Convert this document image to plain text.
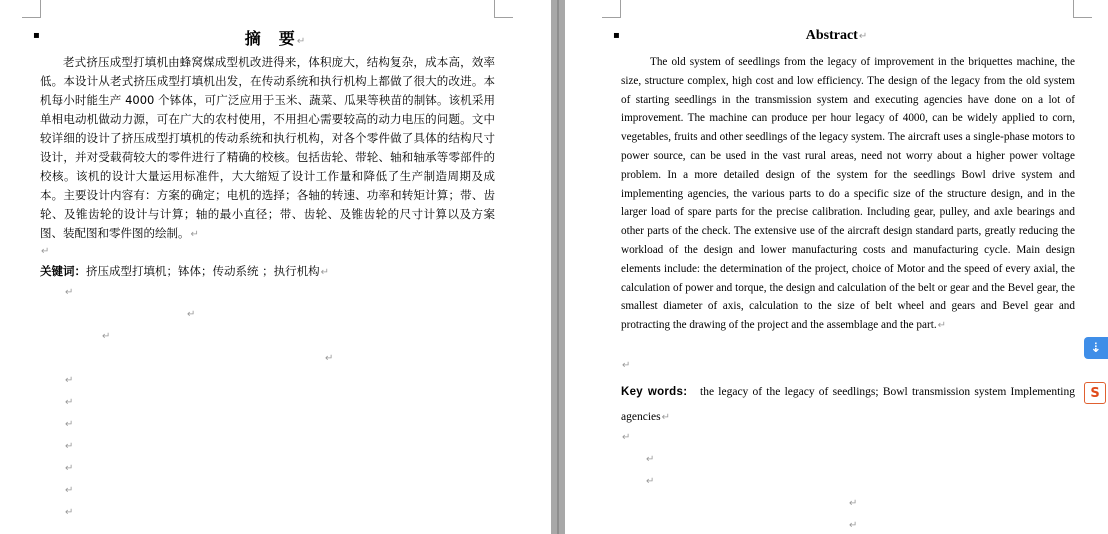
▪	摘　要↵
老式挤压成型打填机由蜂窝煤成型机改进得来，体积庞大，结构复杂，成本高，效率低。本设计从老式挤压成型打填机出发，在传动系统和执行机构上都做了很大的改进。本机每小时能生产 4000 个钵体，可广泛应用于玉米、蔬菜、瓜果等秧苗的制钵。该机采用单相电动机做动力源，可在广大的农村使用，不用担心需要较高的动力电压的问题。文中较详细的设计了挤压成型打填机的传动系统和执行机构，对各个零件做了具体的结构尺寸设计，并对受载荷较大的零件进行了精确的校核。包括齿轮、带轮、轴和轴承等零部件的校核。该机的设计大量运用标准件，大大缩短了设计工作量和降低了生产制造周期及成本。主要设计内容有：方案的确定；电机的选择；各轴的转速、功率和转矩计算；带、齿轮、及锥齿轮的设计与计算；轴的最小直径；带、齿轮、及锥齿轮的尺寸计算以及方案图、装配图和零件图的绘制。↵
↵
关键词：挤压成型打填机；钵体；传动系统 ；执行机构↵
↵
↵
↵
↵
↵
↵
↵
↵
↵
↵
↵
▪	Abstract↵
The old system of seedlings from the legacy of improvement in the briquettes machine, the size, structure complex, high cost and low efficiency. The design of the legacy from the old system of starting seedlings in the transmission system and executing agencies have done on a lot of improvement. The machine can produce per hour legacy of 4000, can be widely applied to corn, vegetables, fruits and other seedlings of the legacy system. The aircraft uses a single-phase motors to power source, can be used in the vast rural areas, need not worry about a higher power voltage problem. In a more detailed design of the system for the seedlings Bowl drive system and implementing agencies, the various parts to do a specific size of the structure design, and in the larger load of spare parts for the precise calibration. Including gear, pulley, and axle bearings and other parts of the check. The extensive use of the aircraft design standard parts, greatly reducing the workload of the design and lower manufacturing costs and manufacturing cycle. Main design elements include: the determination of the project, choice of Motor and the speed of every axial, the calculation of power and torque, the design and calculation of the belt or gear and the Bevel gear, the smallest diameter of axis, calculation to the size of belt wheel and gears and Bevel gear and protracting the drawing of the project and the assemblage and the part.↵
↵
Key words: the legacy of the legacy of seedlings; Bowl transmission system Implementing agencies↵
↵
↵
↵
↵
↵
⇣
S
